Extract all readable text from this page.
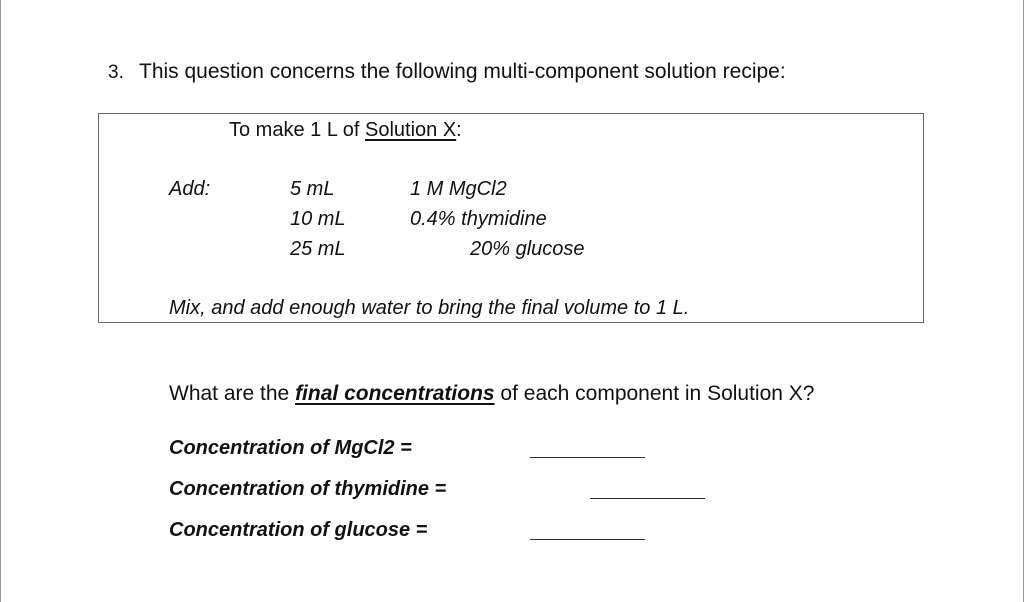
3. This question concerns the following multi-component solution recipe:
To make 1 L of Solution X:
Add:	5 mL
10 mL
25 mL
1 M MgCl2
0.4% thymidine
20% glucose
Mix, and add enough water to bring the final volume to 1 L.
What are the final concentrations of each component in Solution X?
Concentration of MgCl2 =
Concentration of thymidine =
Concentration of glucose =
